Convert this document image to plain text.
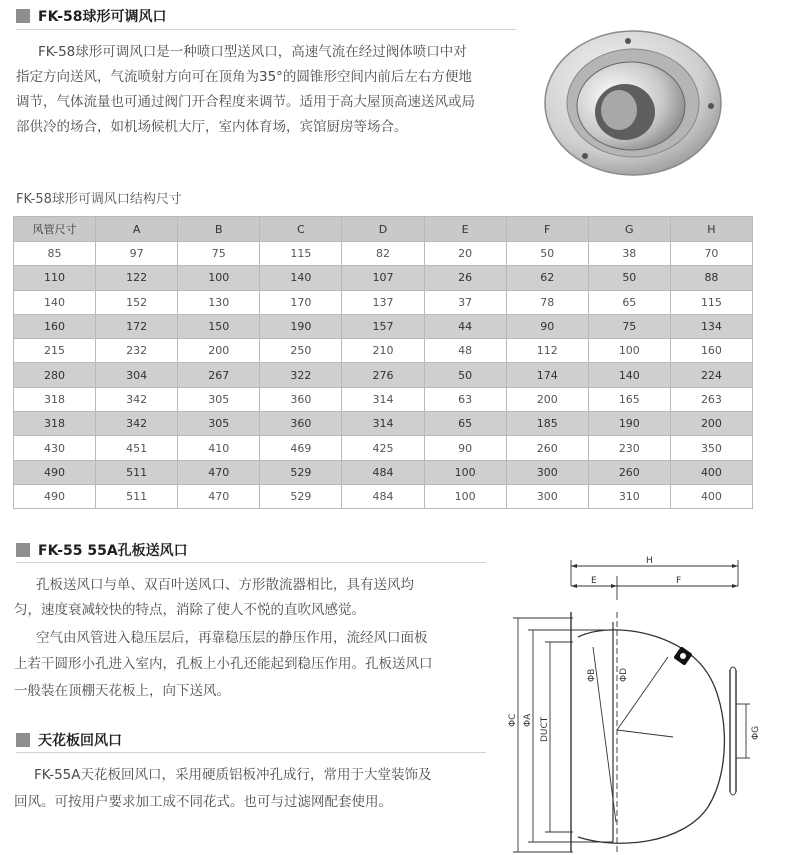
FK-58球形可调风口

FK-58球形可调风口是一种喷口型送风口，高速气流在经过阀体喷口中对

指定方向送风，气流喷射方向可在顶角为35°的圆锥形空间内前后左右方便地

调节，气体流量也可通过阀门开合程度来调节。适用于高大屋顶高速送风或局

部供冷的场合，如机场候机大厅，室内体育场，宾馆厨房等场合。

FK-58球形可调风口结构尺寸
风管尺寸	A	B	C	D	E	F	G	H
85	97	75	115	82	20	50	38	70
110	122	100	140	107	26	62	50	88
140	152	130	170	137	37	78	65	115
160	172	150	190	157	44	90	75	134
215	232	200	250	210	48	112	100	160
280	304	267	322	276	50	174	140	224
318	342	305	360	314	63	200	165	263
318	342	305	360	314	65	185	190	200
430	451	410	469	425	90	260	230	350
490	511	470	529	484	100	300	260	400
490	511	470	529	484	100	300	310	400
FK-55 55A孔板送风口

孔板送风口与单、双百叶送风口、方形散流器相比，具有送风均

匀，速度衰减较快的特点，消除了使人不悦的直吹风感觉。

空气由风管进入稳压层后，再靠稳压层的静压作用，流经风口面板

上若干圆形小孔进入室内，孔板上小孔还能起到稳压作用。孔板送风口

一般装在顶棚天花板上，向下送风。

天花板回风口

FK-55A天花板回风口，采用硬质铝板冲孔成行，常用于大堂装饰及

回风。可按用户要求加工成不同花式。也可与过滤网配套使用。

H
E	F
ΦC ΦA DUCT
ΦB ΦD
ΦG
